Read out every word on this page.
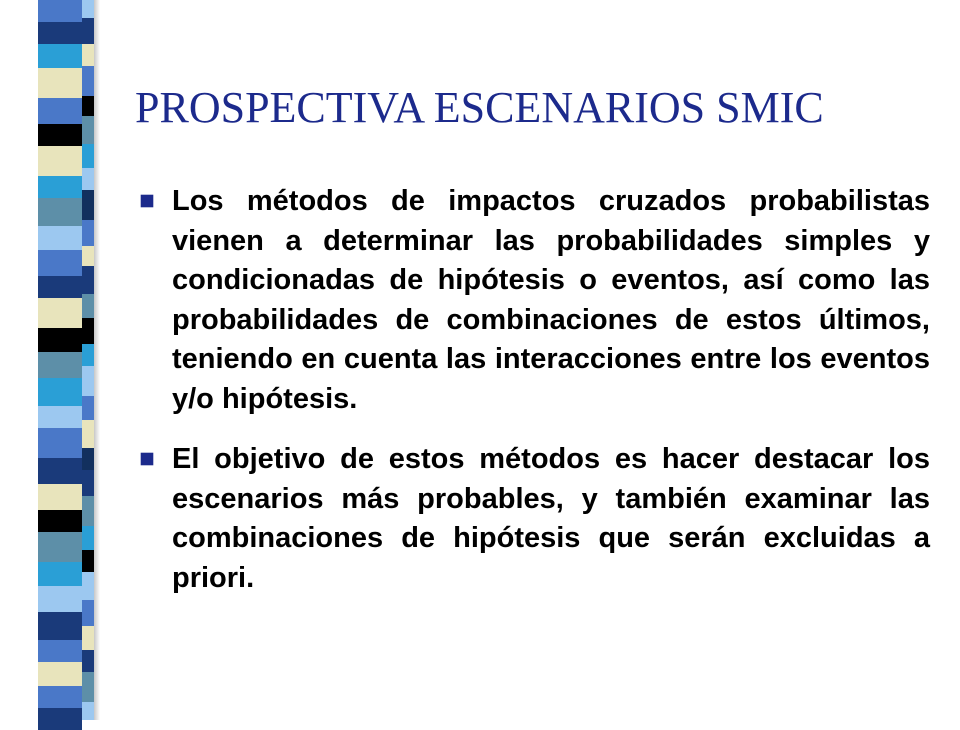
PROSPECTIVA ESCENARIOS SMIC
Los métodos de impactos cruzados probabilistas vienen a determinar las probabilidades simples y condicionadas de hipótesis o eventos, así como las probabilidades de combinaciones de estos últimos, teniendo en cuenta las interacciones entre los eventos y/o hipótesis.
El objetivo de estos métodos es hacer destacar los escenarios más probables, y también examinar las combinaciones de hipótesis que serán excluidas a priori.
